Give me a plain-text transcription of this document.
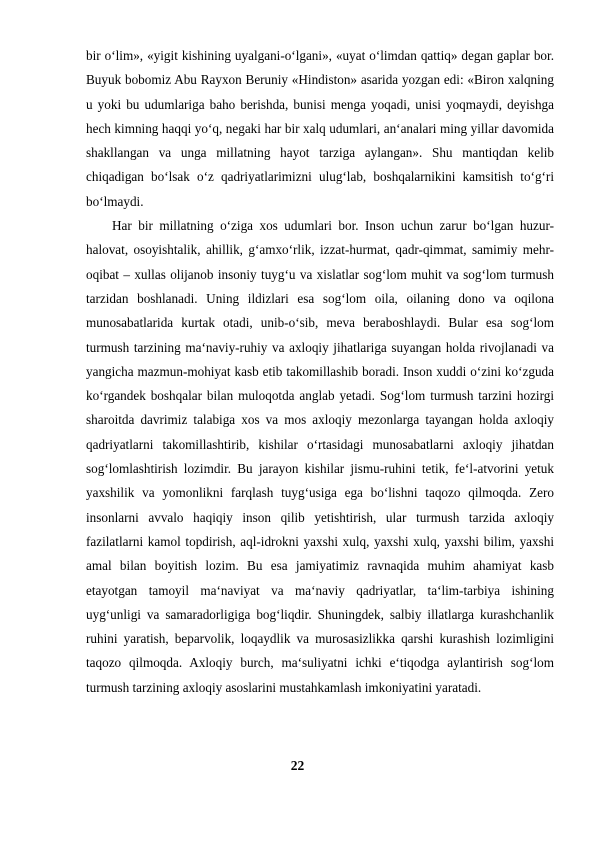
bir o‘lim», «yigit kishining uyalgani-o‘lgani», «uyat o‘limdan qattiq» degan gaplar bor. Buyuk bobomiz Abu Rayxon Beruniy «Hindiston» asarida yozgan edi: «Biron xalqning u yoki bu udumlariga baho berishda, bunisi menga yoqadi, unisi yoqmaydi, deyishga hech kimning haqqi yo‘q, negaki har bir xalq udumlari, an‘analari ming yillar davomida shakllangan va unga millatning hayot tarziga aylangan». Shu mantiqdan kelib chiqadigan bo‘lsak o‘z qadriyatlarimizni ulug‘lab, boshqalarnikini kamsitish to‘g‘ri bo‘lmaydi.

Har bir millatning o‘ziga xos udumlari bor. Inson uchun zarur bo‘lgan huzur-halovat, osoyishtalik, ahillik, g‘amxo‘rlik, izzat-hurmat, qadr-qimmat, samimiy mehr-oqibat – xullas olijanob insoniy tuyg‘u va xislatlar sog‘lom muhit va sog‘lom turmush tarzidan boshlanadi. Uning ildizlari esa sog‘lom oila, oilaning dono va oqilona munosabatlarida kurtak otadi, unib-o‘sib, meva beraboshlaydi. Bular esa sog‘lom turmush tarzining ma‘naviy-ruhiy va axloqiy jihatlariga suyangan holda rivojlanadi va yangicha mazmun-mohiyat kasb etib takomillashib boradi. Inson xuddi o‘zini ko‘zguda ko‘rgandek boshqalar bilan muloqotda anglab yetadi. Sog‘lom turmush tarzini hozirgi sharoitda davrimiz talabiga xos va mos axloqiy mezonlarga tayangan holda axloqiy qadriyatlarni takomillashtirib, kishilar o‘rtasidagi munosabatlarni axloqiy jihatdan sog‘lomlashtirish lozimdir. Bu jarayon kishilar jismu-ruhini tetik, fe‘l-atvorini yetuk yaxshilik va yomonlikni farqlash tuyg‘usiga ega bo‘lishni taqozo qilmoqda. Zero insonlarni avvalo haqiqiy inson qilib yetishtirish, ular turmush tarzida axloqiy fazilatlarni kamol topdirish, aql-idrokni yaxshi xulq, yaxshi xulq, yaxshi bilim, yaxshi amal bilan boyitish lozim. Bu esa jamiyatimiz ravnaqida muhim ahamiyat kasb etayotgan tamoyil ma‘naviyat va ma‘naviy qadriyatlar, ta‘lim-tarbiya ishining uyg‘unligi va samaradorligiga bog‘liqdir. Shuningdek, salbiy illatlarga kurashchanlik ruhini yaratish, beparvolik, loqaydlik va murosasizlikka qarshi kurashish lozimligini taqozo qilmoqda. Axloqiy burch, ma‘suliyatni ichki e‘tiqodga aylantirish sog‘lom turmush tarzining axloqiy asoslarini mustahkamlash imkoniyatini yaratadi.

22
